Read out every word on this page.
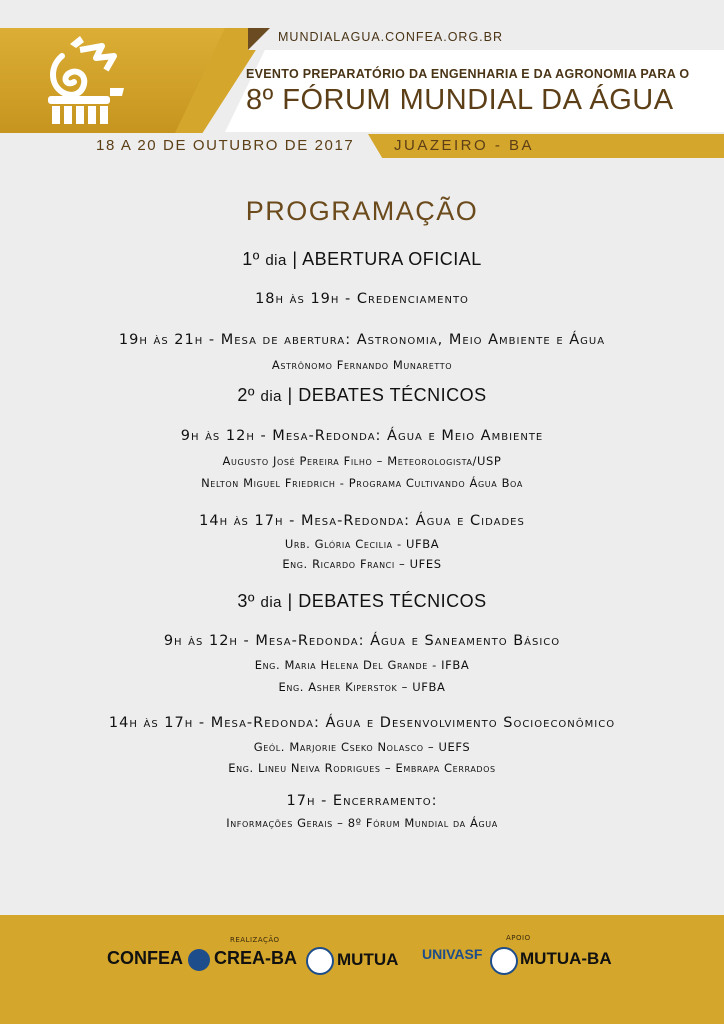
MUNDIALAGUA.CONFEA.ORG.BR
EVENTO PREPARATÓRIO DA ENGENHARIA E DA AGRONOMIA PARA O
8º FÓRUM MUNDIAL DA ÁGUA
18 A 20 DE OUTUBRO DE 2017	JUAZEIRO - BA
PROGRAMAÇÃO
1º dia | ABERTURA OFICIAL
18h às 19h - Credenciamento
19h às 21h - Mesa de abertura: Astronomia, Meio Ambiente e Água
Astrônomo Fernando Munaretto
2º dia | DEBATES TÉCNICOS
9h às 12h - Mesa-Redonda: Água e Meio Ambiente
Augusto José Pereira Filho – Meteorologista/USP
Nelton Miguel Friedrich - Programa Cultivando Água Boa
14h às 17h - Mesa-Redonda: Água e Cidades
Urb. Glória Cecilia - UFBA
Eng. Ricardo Franci – UFES
3º dia | DEBATES TÉCNICOS
9h às 12h - Mesa-Redonda: Água e Saneamento Básico
Eng. Maria Helena Del Grande - IFBA
Eng. Asher Kiperstok – UFBA
14h às 17h - Mesa-Redonda: Água e Desenvolvimento Socioeconômico
Geól. Marjorie Cseko Nolasco – UEFS
Eng. Lineu Neiva Rodrigues – Embrapa Cerrados
17h - Encerramento:
Informações Gerais – 8º Fórum Mundial da Água
REALIZAÇÃO	APOIO
CONFEA CREA-BA MUTUA UNIVASF MUTUA-BA
